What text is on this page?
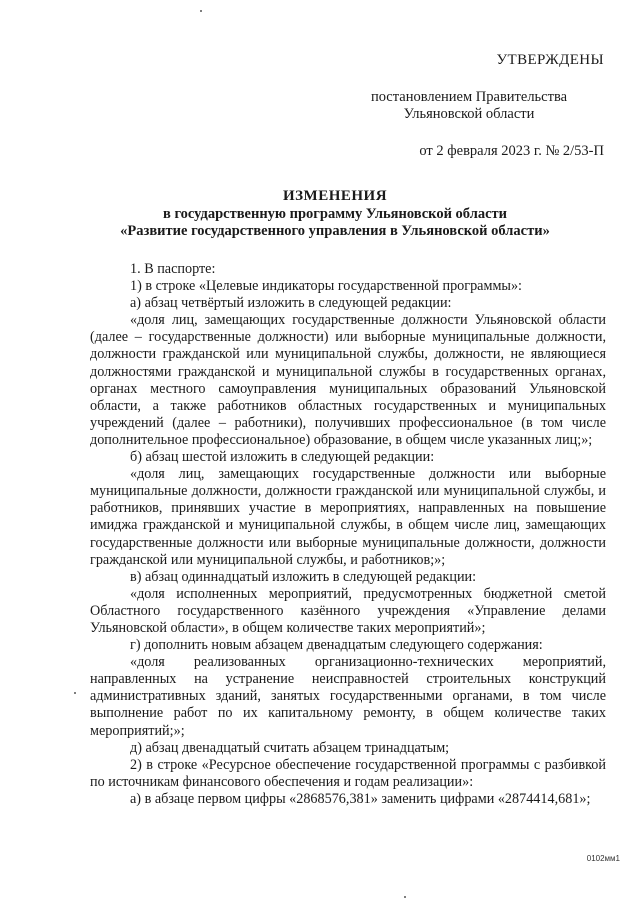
УТВЕРЖДЕНЫ
постановлением Правительства
Ульяновской области
от 2 февраля 2023 г. № 2/53-П
ИЗМЕНЕНИЯ
в государственную программу Ульяновской области
«Развитие государственного управления в Ульяновской области»

1. В паспорте:

1) в строке «Целевые индикаторы государственной программы»:

а) абзац четвёртый изложить в следующей редакции:

«доля лиц, замещающих государственные должности Ульяновской области (далее – государственные должности) или выборные муниципальные должности, должности гражданской или муниципальной службы, должности, не являющиеся должностями гражданской и муниципальной службы в государственных органах, органах местного самоуправления муниципальных образований Ульяновской области, а также работников областных государственных и муниципальных учреждений (далее – работники), получивших профессиональное (в том числе дополнительное профессиональное) образование, в общем числе указанных лиц;»;

б) абзац шестой изложить в следующей редакции:

«доля лиц, замещающих государственные должности или выборные муниципальные должности, должности гражданской или муниципальной службы, и работников, принявших участие в мероприятиях, направленных на повышение имиджа гражданской и муниципальной службы, в общем числе лиц, замещающих государственные должности или выборные муниципальные должности, должности гражданской или муниципальной службы, и работников;»;

в) абзац одиннадцатый изложить в следующей редакции:

«доля исполненных мероприятий, предусмотренных бюджетной сметой Областного государственного казённого учреждения «Управление делами Ульяновской области», в общем количестве таких мероприятий»;

г) дополнить новым абзацем двенадцатым следующего содержания:

«доля реализованных организационно-технических мероприятий, направленных на устранение неисправностей строительных конструкций административных зданий, занятых государственными органами, в том числе выполнение работ по их капитальному ремонту, в общем количестве таких мероприятий;»;

д) абзац двенадцатый считать абзацем тринадцатым;

2) в строке «Ресурсное обеспечение государственной программы с разбивкой по источникам финансового обеспечения и годам реализации»:

а) в абзаце первом цифры «2868576,381» заменить цифрами «2874414,681»;

0102мм1
